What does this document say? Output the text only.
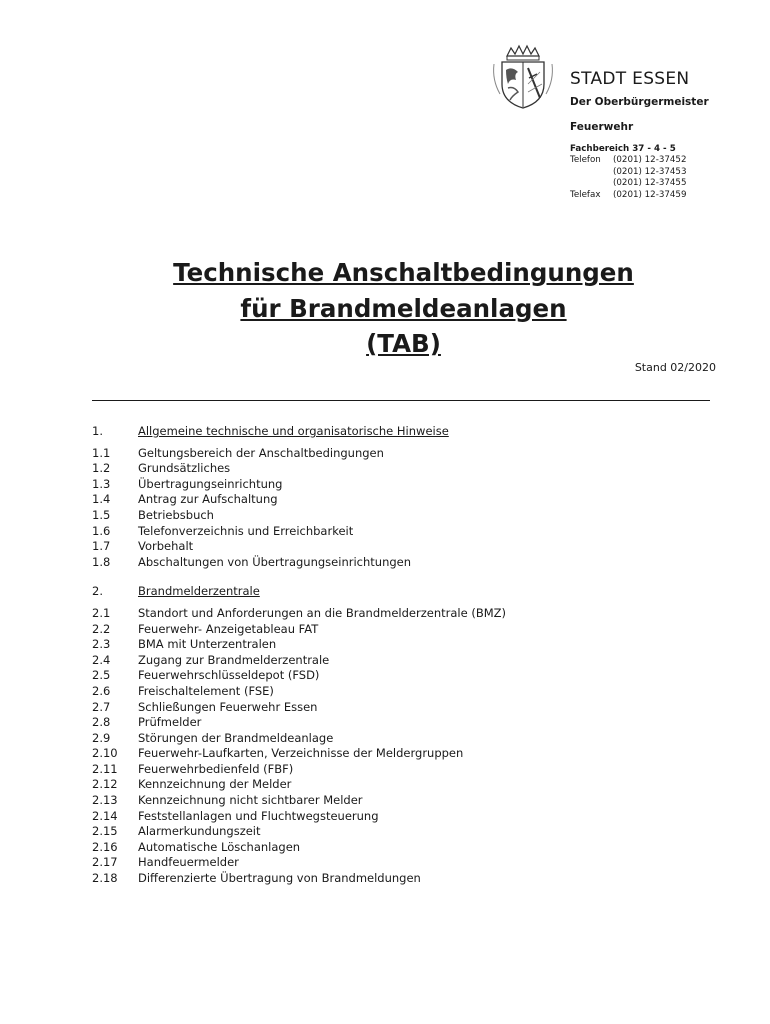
STADT ESSEN
Der Oberbürgermeister
Feuerwehr
Fachbereich 37 - 4 - 5
Telefon	(0201) 12-37452
(0201) 12-37453
(0201) 12-37455
Telefax	(0201) 12-37459
Technische Anschaltbedingungen
für Brandmeldeanlagen
(TAB)
Stand 02/2020
1.	Allgemeine technische und organisatorische Hinweise
1.1	Geltungsbereich der Anschaltbedingungen
1.2	Grundsätzliches
1.3	Übertragungseinrichtung
1.4	Antrag zur Aufschaltung
1.5	Betriebsbuch
1.6	Telefonverzeichnis und Erreichbarkeit
1.7	Vorbehalt
1.8	Abschaltungen von Übertragungseinrichtungen
2.	Brandmelderzentrale
2.1	Standort und Anforderungen an die Brandmelderzentrale (BMZ)
2.2	Feuerwehr- Anzeigetableau FAT
2.3	BMA mit Unterzentralen
2.4	Zugang zur Brandmelderzentrale
2.5	Feuerwehrschlüsseldepot (FSD)
2.6	Freischaltelement (FSE)
2.7	Schließungen Feuerwehr Essen
2.8	Prüfmelder
2.9	Störungen der Brandmeldeanlage
2.10	Feuerwehr-Laufkarten, Verzeichnisse der Meldergruppen
2.11	Feuerwehrbedienfeld (FBF)
2.12	Kennzeichnung der Melder
2.13	Kennzeichnung nicht sichtbarer Melder
2.14	Feststellanlagen und Fluchtwegsteuerung
2.15	Alarmerkundungszeit
2.16	Automatische Löschanlagen
2.17	Handfeuermelder
2.18	Differenzierte Übertragung von Brandmeldungen
